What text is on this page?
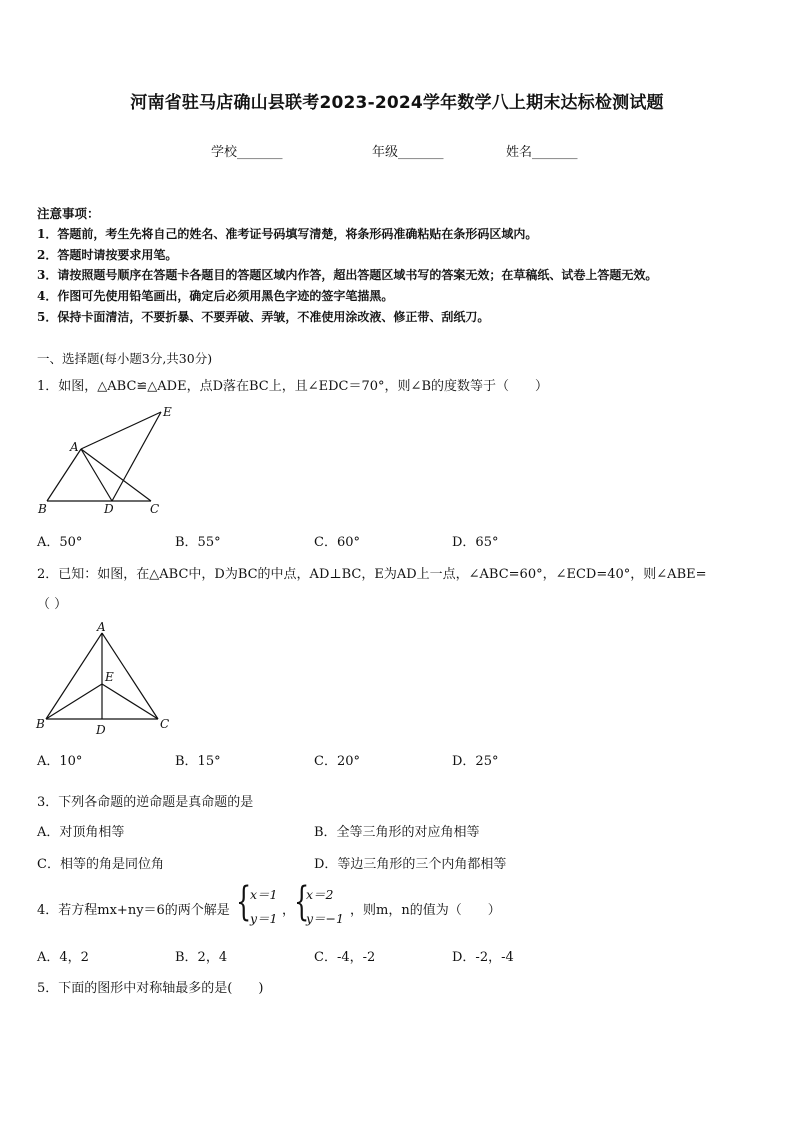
河南省驻马店确山县联考2023-2024学年数学八上期末达标检测试题
学校_______	年级_______	姓名_______
注意事项：
1．答题前，考生先将自己的姓名、准考证号码填写清楚，将条形码准确粘贴在条形码区域内。
2．答题时请按要求用笔。
3．请按照题号顺序在答题卡各题目的答题区域内作答，超出答题区域书写的答案无效；在草稿纸、试卷上答题无效。
4．作图可先使用铅笔画出，确定后必须用黑色字迹的签字笔描黑。
5．保持卡面清洁，不要折暴、不要弄破、弄皱，不准使用涂改液、修正带、刮纸刀。
一、选择题(每小题3分,共30分)
1．如图，△ABC≌△ADE，点D落在BC上，且∠EDC＝70°，则∠B的度数等于（　　）
A
E
B	D	C
A．50°	B．55°	C．60°	D．65°
2．已知：如图，在△ABC中，D为BC的中点，AD⊥BC，E为AD上一点，∠ABC=60°，∠ECD=40°，则∠ABE=
（ ）
A
E
B	D	C
A．10°	B．15°	C．20°	D．25°
3．下列各命题的逆命题是真命题的是
A．对顶角相等	B．全等三角形的对应角相等
C．相等的角是同位角	D．等边三角形的三个内角都相等
4．若方程mx+ny＝6的两个解是 {
x＝1
y＝1
，
{
x＝2
y＝−1
，则m，n的值为（　　）
A．4，2	B．2，4	C．-4，-2	D．-2，-4
5．下面的图形中对称轴最多的是(　　)
